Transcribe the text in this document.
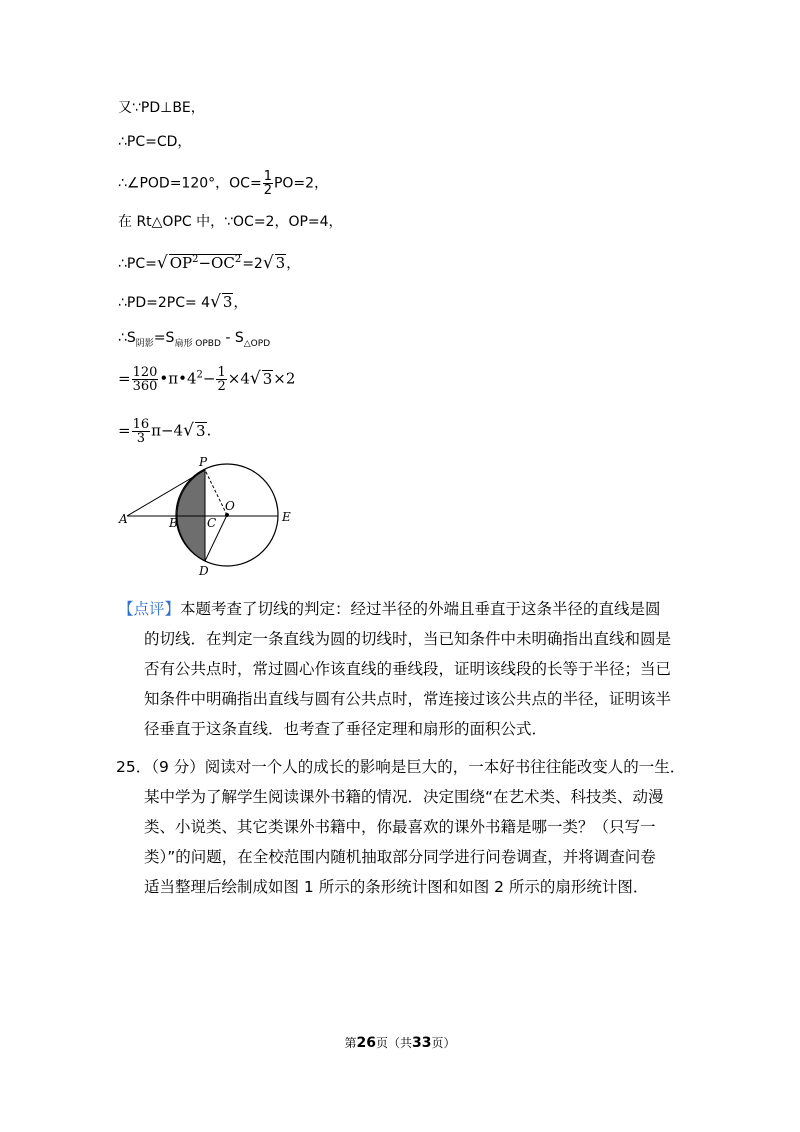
又∵PD⊥BE，
∴PC=CD，
∴∠POD=120°，$OC= \frac{1}{2} PO=2$，
在 Rt△OPC 中，∵OC=2，OP=4，
∴PC=√ $OP^2-OC^2=2√$ 3，
∴PD=2PC= 4√ 3，
$\therefore S_{阴影}=S_{扇形 OPBD} - S_{\triangle OPD}$
= $\frac{120}{360}$ $•\pi•4^2- \frac{1}{2} \times 4√$ 3×2
= $\frac{16}{3} \pi-4√$ 3.
P
O
A	B C	E
D
【点评】本题考查了切线的判定：经过半径的外端且垂直于这条半径的直线是圆
的切线．在判定一条直线为圆的切线时，当已知条件中未明确指出直线和圆是
否有公共点时，常过圆心作该直线的垂线段，证明该线段的长等于半径；当已
知条件中明确指出直线与圆有公共点时，常连接过该公共点的半径，证明该半
径垂直于这条直线．也考查了垂径定理和扇形的面积公式．
25．（9 分）阅读对一个人的成长的影响是巨大的，一本好书往往能改变人的一生．
某中学为了解学生阅读课外书籍的情况．决定围绕“在艺术类、科技类、动漫
类、小说类、其它类课外书籍中，你最喜欢的课外书籍是哪一类？（只写一
类）”的问题，在全校范围内随机抽取部分同学进行问卷调查，并将调查问卷
适当整理后绘制成如图 1 所示的条形统计图和如图 2 所示的扇形统计图．
第26页（共33页）
